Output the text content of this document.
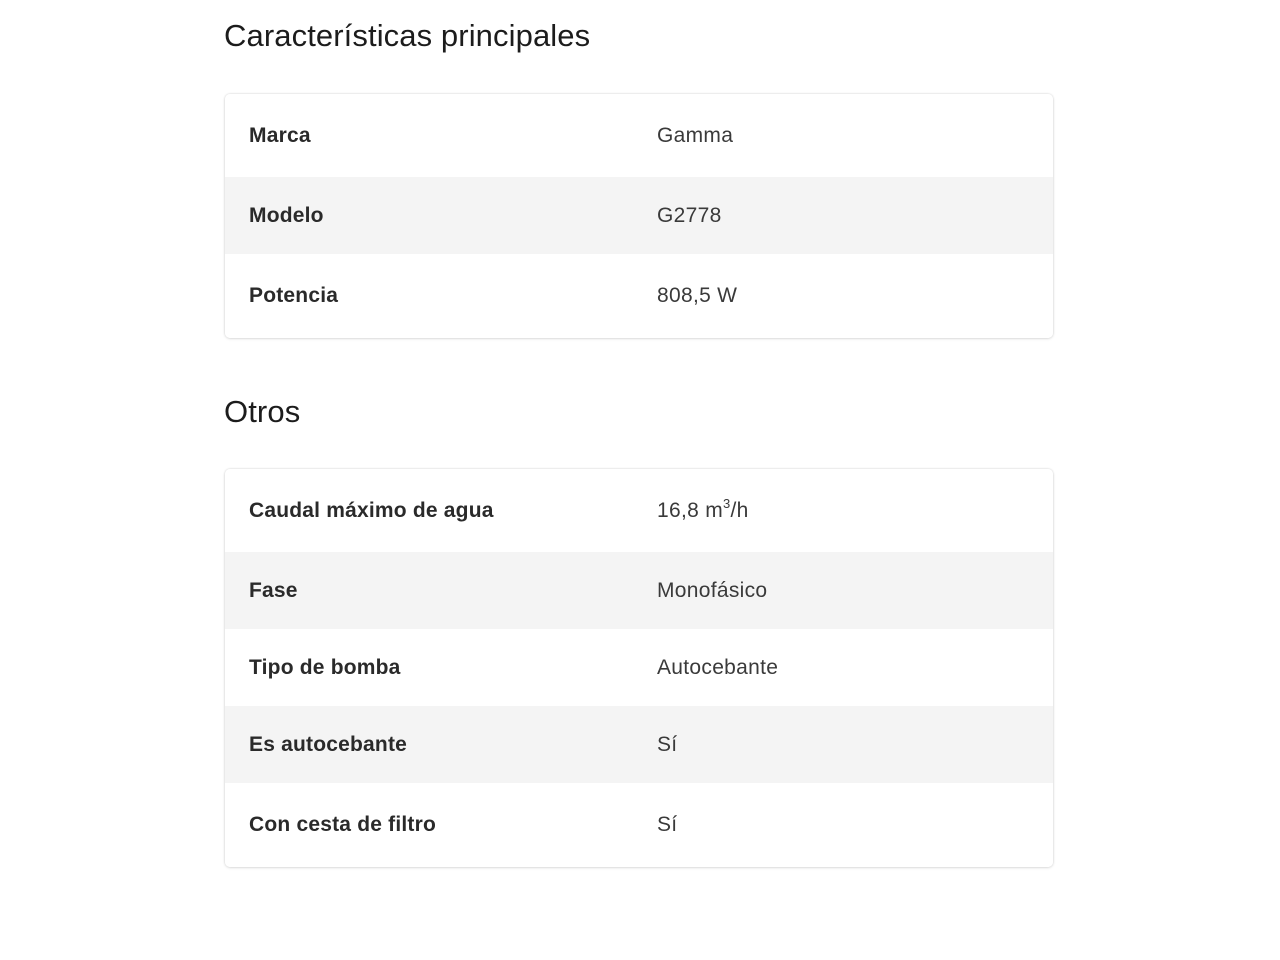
Características principales
Marca	Gamma
Modelo	G2778
Potencia	808,5 W
Otros
Caudal máximo de agua	16,8 $m^3/h$
Fase	Monofásico
Tipo de bomba	Autocebante
Es autocebante	Sí
Con cesta de filtro	Sí
